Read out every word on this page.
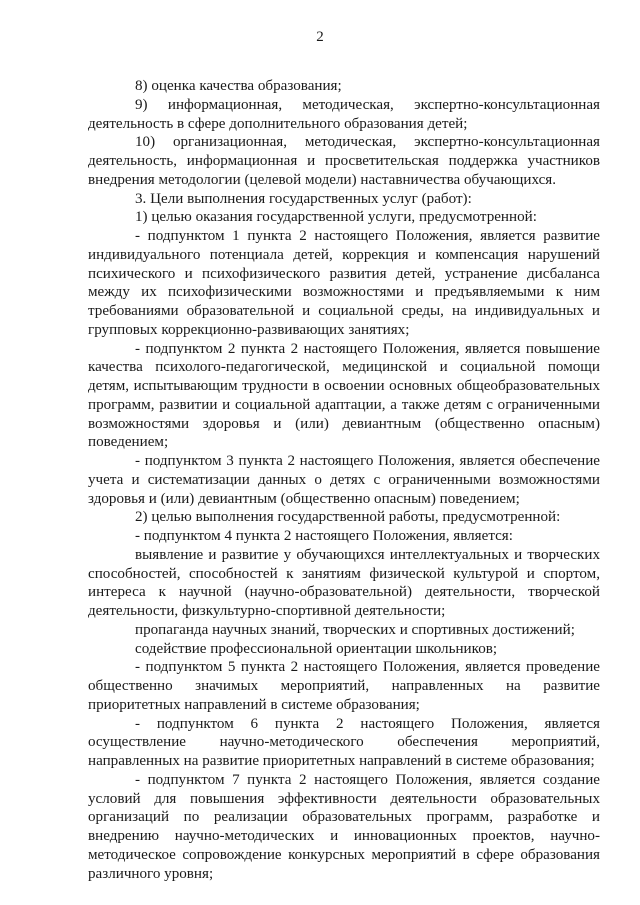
2

8) оценка качества образования;

9) информационная, методическая, экспертно-консультационная деятельность в сфере дополнительного образования детей;

10) организационная, методическая, экспертно-консультационная деятельность, информационная и просветительская поддержка участников внедрения методологии (целевой модели) наставничества обучающихся.

3. Цели выполнения государственных услуг (работ):

1) целью оказания государственной услуги, предусмотренной:

- подпунктом 1 пункта 2 настоящего Положения, является развитие индивидуального потенциала детей, коррекция и компенсация нарушений психического и психофизического развития детей, устранение дисбаланса между их психофизическими возможностями и предъявляемыми к ним требованиями образовательной и социальной среды, на индивидуальных и групповых коррекционно-развивающих занятиях;

- подпунктом 2 пункта 2 настоящего Положения, является повышение качества психолого-педагогической, медицинской и социальной помощи детям, испытывающим трудности в освоении основных общеобразовательных программ, развитии и социальной адаптации, а также детям с ограниченными возможностями здоровья и (или) девиантным (общественно опасным) поведением;

- подпунктом 3 пункта 2 настоящего Положения, является обеспечение учета и систематизации данных о детях с ограниченными возможностями здоровья и (или) девиантным (общественно опасным) поведением;

2) целью выполнения государственной работы, предусмотренной:

- подпунктом 4 пункта 2 настоящего Положения, является:

выявление и развитие у обучающихся интеллектуальных и творческих способностей, способностей к занятиям физической культурой и спортом, интереса к научной (научно-образовательной) деятельности, творческой деятельности, физкультурно-спортивной деятельности;

пропаганда научных знаний, творческих и спортивных достижений;

содействие профессиональной ориентации школьников;

- подпунктом 5 пункта 2 настоящего Положения, является проведение общественно значимых мероприятий, направленных на развитие приоритетных направлений в системе образования;

- подпунктом 6 пункта 2 настоящего Положения, является осуществление научно-методического обеспечения мероприятий, направленных на развитие приоритетных направлений в системе образования;

- подпунктом 7 пункта 2 настоящего Положения, является создание условий для повышения эффективности деятельности образовательных организаций по реализации образовательных программ, разработке и внедрению научно-методических и инновационных проектов, научно-методическое сопровождение конкурсных мероприятий в сфере образования различного уровня;
